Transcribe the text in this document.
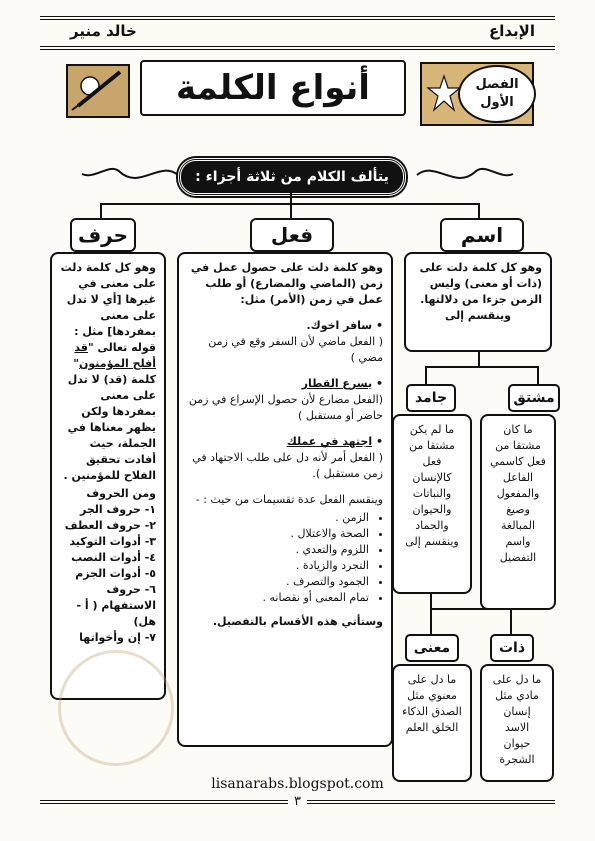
الإبداع
خالد منير
أنواع الكلمة	الفصل
الأول
يتألف الكلام من ثلاثة أجزاء :
حرف	فعل	اسم
وهو كل كلمة دلت على معنى في غيرها [أي لا تدل على معنى بمفردها] مثل : قوله تعالى "قد أفلح المؤمنون" كلمة (قد) لا تدل على معنى بمفردها ولكن يظهر معناها في الجملة، حيث أفادت تحقيق الفلاح للمؤمنين .
ومن الحروف
١- حروف الجر
٢- حروف العطف
٣- أدوات التوكيد
٤- أدوات النصب
٥- أدوات الجزم
٦- حروف الاستفهام ( أ - هل)
٧- إن وأخواتها
وهو كلمة دلت على حصول عمل في زمن (الماضي والمضارع) أو طلب عمل في زمن (الأمر) مثل:
• سافر اخوك.
( الفعل ماضي لأن السفر وقع في زمن مضي )
• يسرع القطار
(الفعل مضارع لأن حصول الإسراع في زمن حاضر أو مستقبل )
• اجتهد في عملك
( الفعل أمر لأنه دل على طلب الاجتهاد في زمن مستقبل ).
وينقسم الفعل عدة تقسيمات من حيث : -
• الزمن .
• الصحة والاعتلال .
• اللزوم والتعدي .
• التجرد والزيادة .
• الجمود والتصرف .
• تمام المعنى أو نقصانه .
وستأتي هذه الأقسام بالتفصيل.
وهو كل كلمة دلت على (ذات أو معنى) وليس الزمن جزءا من دلالتها.
وينقسم إلى
جامد	مشتق
ما لم يكن مشتقا من فعل كالإنسان والنباتات والحيوان والجماد وينقسم إلى
ما كان مشتقا من فعل كاسمي الفاعل والمفعول وصيغ المبالغة واسم التفضيل
معنى	ذات
ما دل على معنوي مثل الصدق الذكاء الخلق العلم
ما دل على مادي مثل إنسان الاسد حيوان الشجرة
lisanarabs.blogspot.com
٣
